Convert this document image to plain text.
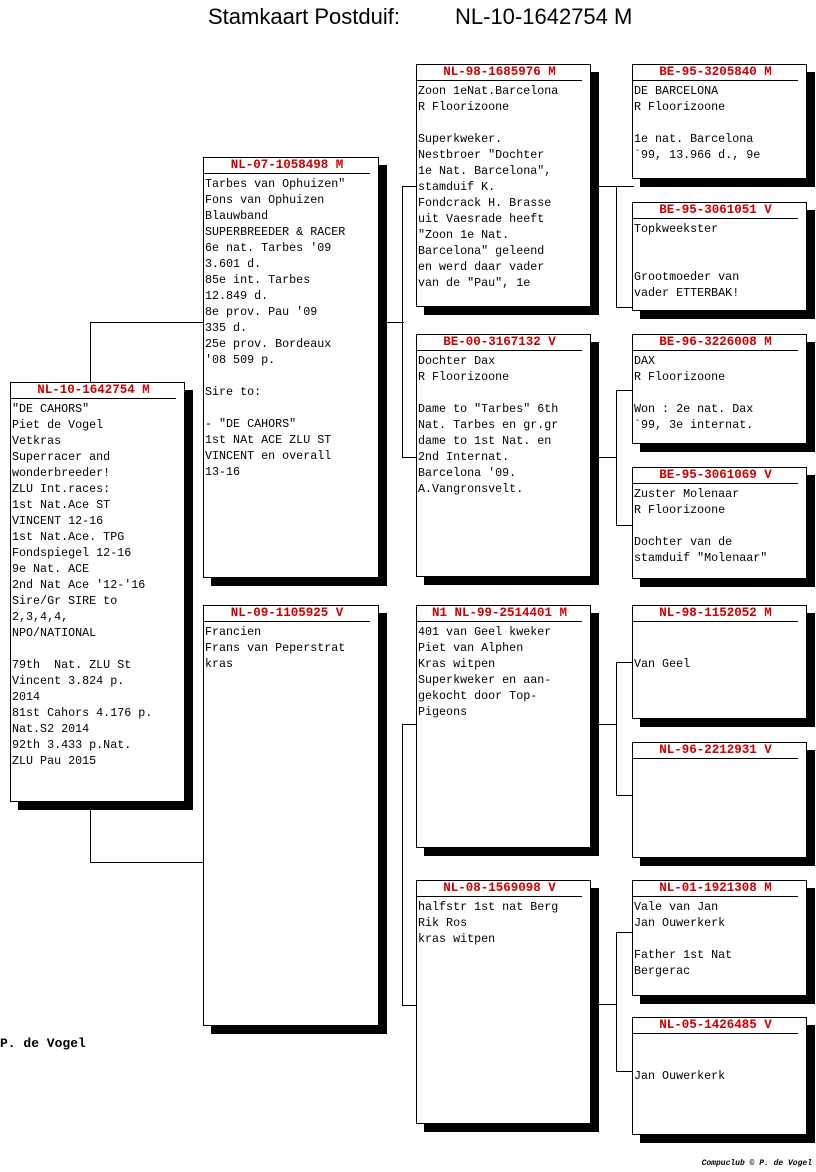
Stamkaart Postduif:	NL-10-1642754 M
NL-10-1642754 M
"DE CAHORS"
Piet de Vogel
Vetkras
Superracer and
wonderbreeder!
ZLU Int.races:
1st Nat.Ace ST
VINCENT 12-16
1st Nat.Ace. TPG
Fondspiegel 12-16
9e Nat. ACE
2nd Nat Ace '12-'16
Sire/Gr SIRE to
2,3,4,4,
NPO/NATIONAL

79th  Nat. ZLU St
Vincent 3.824 p.
2014
81st Cahors 4.176 p.
Nat.S2 2014
92th 3.433 p.Nat.
ZLU Pau 2015
NL-07-1058498 M
Tarbes van Ophuizen"
Fons van Ophuizen
Blauwband
SUPERBREEDER & RACER
6e nat. Tarbes '09
3.601 d.
85e int. Tarbes
12.849 d.
8e prov. Pau '09
335 d.
25e prov. Bordeaux
'08 509 p.

Sire to:

- "DE CAHORS"
1st NAt ACE ZLU ST
VINCENT en overall
13-16
NL-09-1105925 V
Francien
Frans van Peperstrat
kras
NL-98-1685976 M
Zoon 1eNat.Barcelona
R Floorizoone

Superkweker.
Nestbroer "Dochter
1e Nat. Barcelona",
stamduif K.
Fondcrack H. Brasse
uit Vaesrade heeft
"Zoon 1e Nat.
Barcelona" geleend
en werd daar vader
van de "Pau", 1e
BE-00-3167132 V
Dochter Dax
R Floorizoone

Dame to "Tarbes" 6th
Nat. Tarbes en gr.gr
dame to 1st Nat. en
2nd Internat.
Barcelona '09.
A.Vangronsvelt.
N1 NL-99-2514401 M
401 van Geel kweker
Piet van Alphen
Kras witpen
Superkweker en aan-
gekocht door Top-
Pigeons
NL-08-1569098 V
halfstr 1st nat Berg
Rik Ros
kras witpen
BE-95-3205840 M
DE BARCELONA
R Floorizoone

1e nat. Barcelona
`99, 13.966 d., 9e
BE-95-3061051 V
Topkweekster

Grootmoeder van
vader ETTERBAK!
BE-96-3226008 M
DAX
R Floorizoone

Won : 2e nat. Dax
`99, 3e internat.
BE-95-3061069 V
Zuster Molenaar
R Floorizoone

Dochter van de
stamduif "Molenaar"
NL-98-1152052 M

Van Geel
NL-96-2212931 V
NL-01-1921308 M
Vale van Jan
Jan Ouwerkerk

Father 1st Nat
Bergerac
NL-05-1426485 V

Jan Ouwerkerk
P. de Vogel
Compuclub © P. de Vogel
